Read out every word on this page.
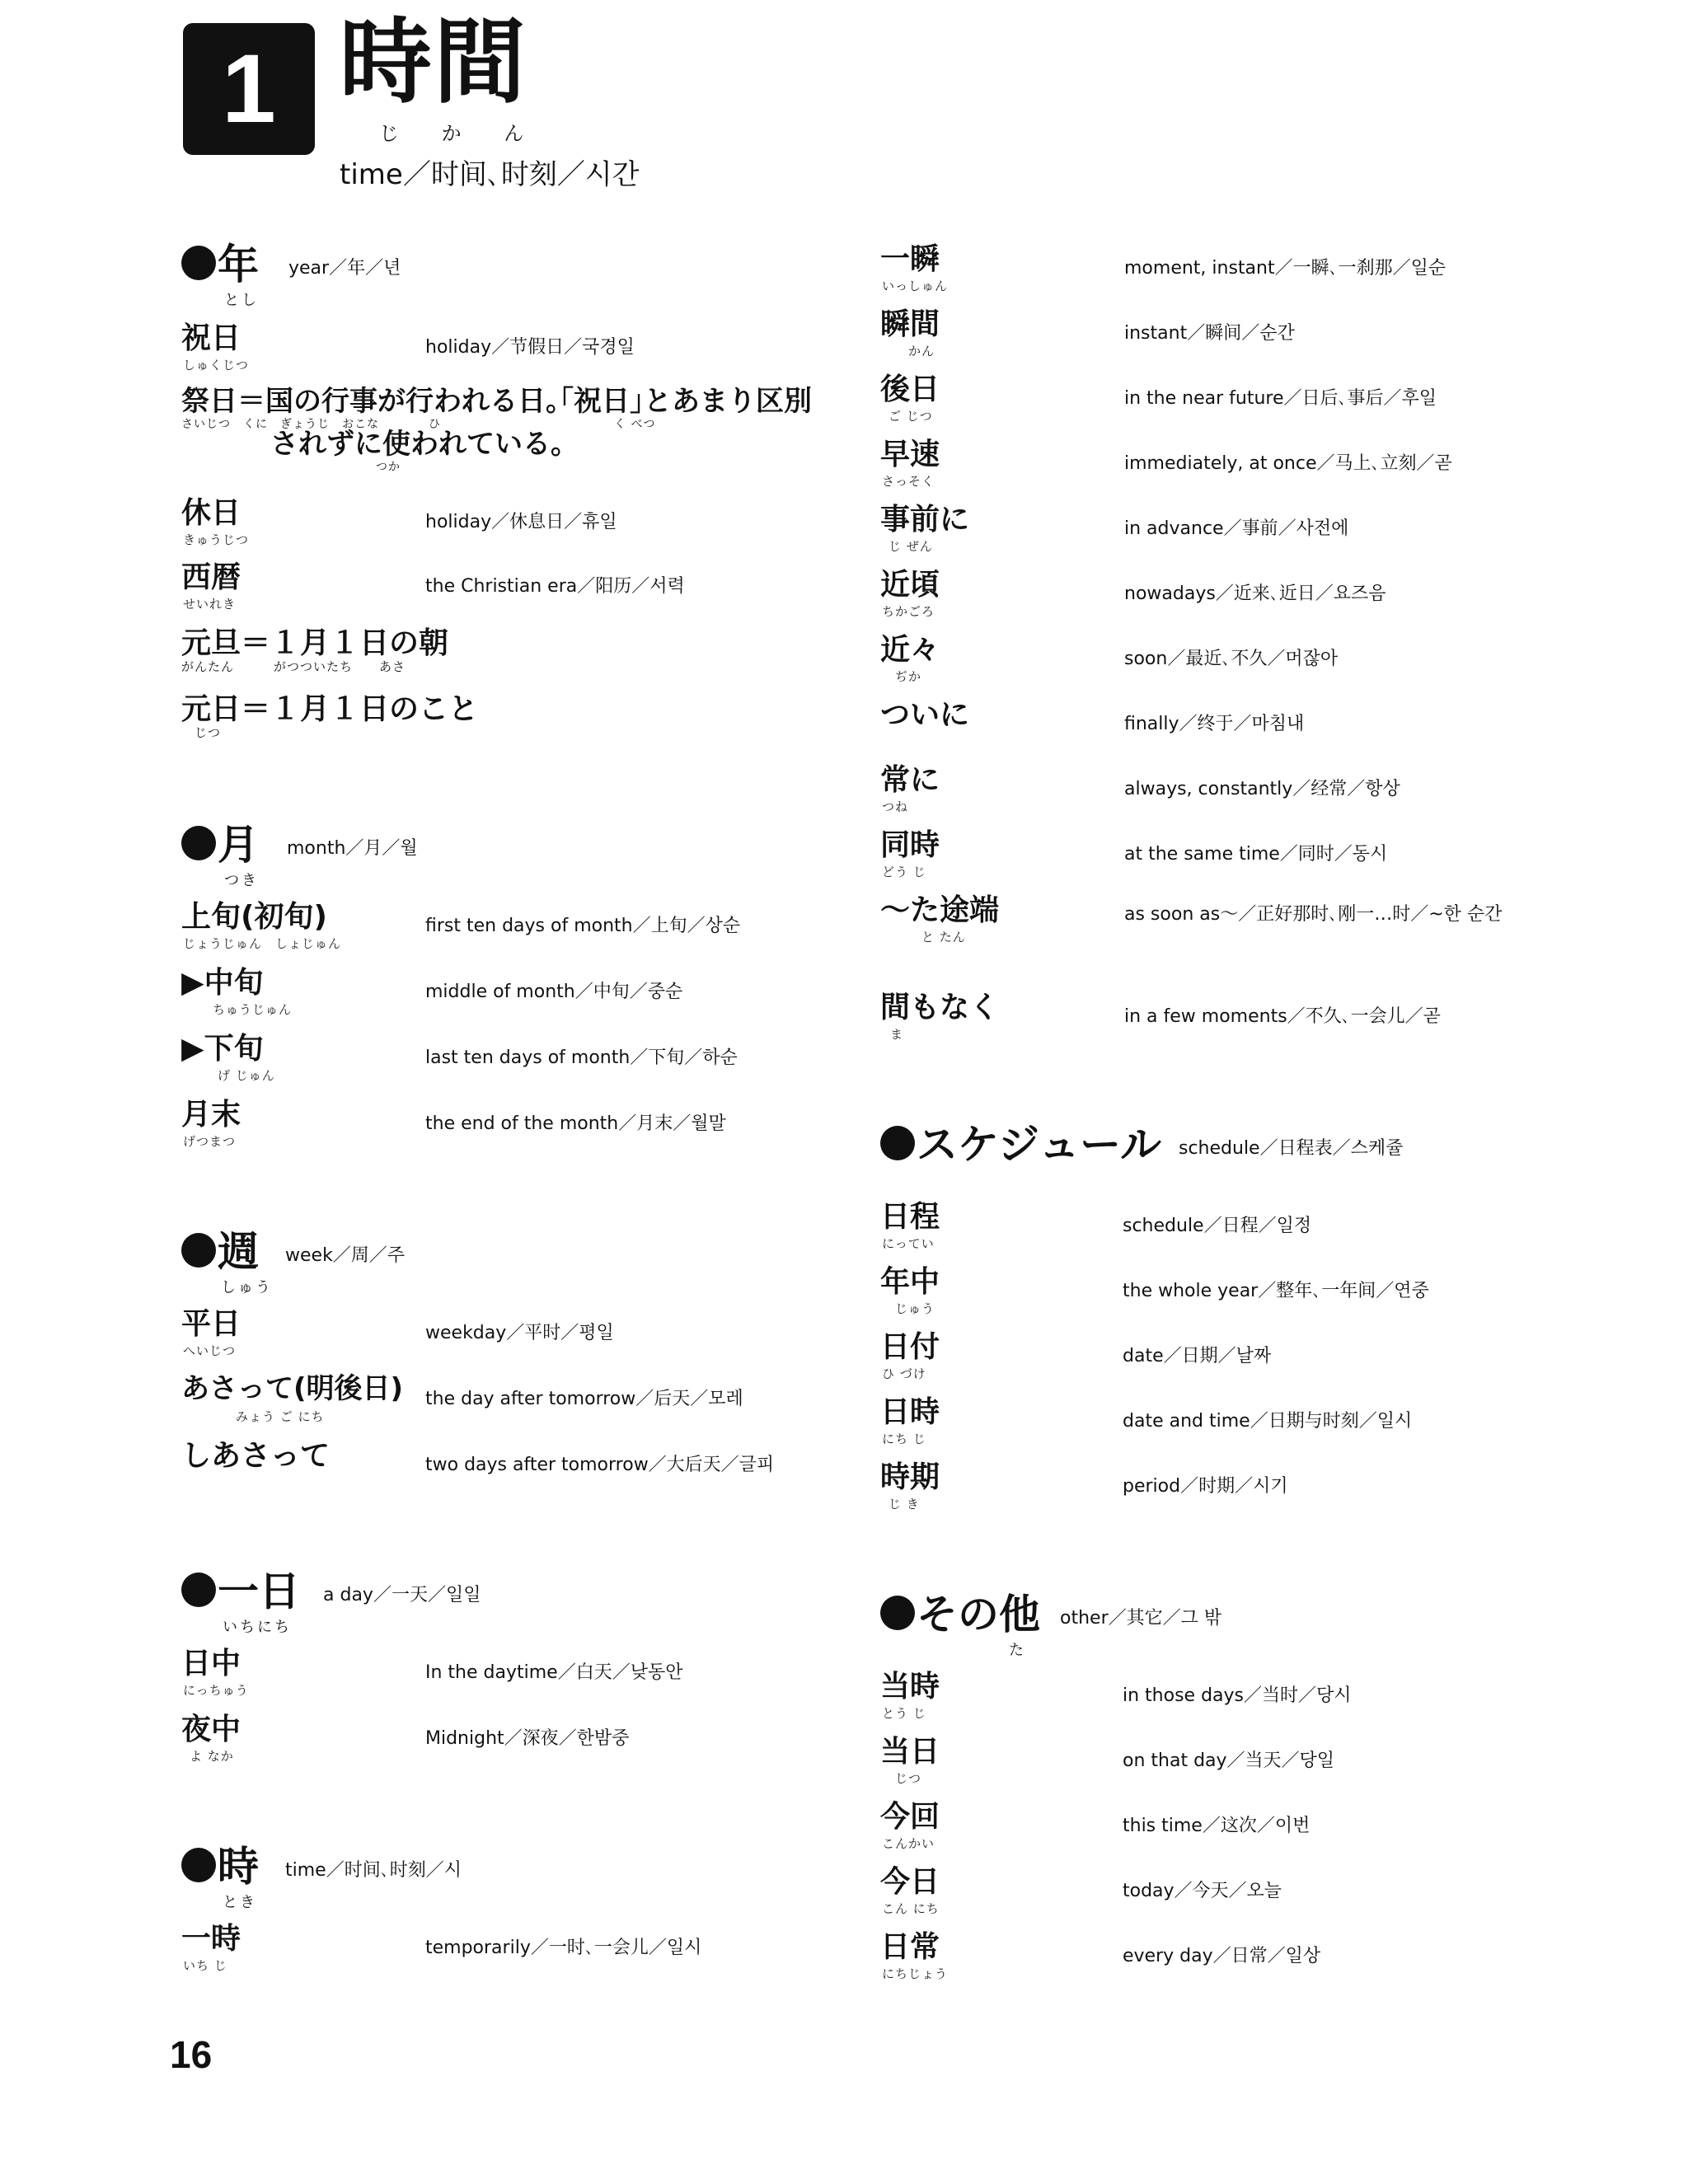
1 時間
じ か ん
time／时间､时刻／시간
年
とし
year／年／년
祝日
しゅくじつ
holiday／节假日／국경일
祭日＝国の行事が行われる日｡｢祝日｣とあまり区別
さいじつ　くに　ぎょうじ　おこな　　　　ひ　　　　　　　　　　　　　　く べつ
されずに使われている｡
つか
休日
きゅうじつ
holiday／休息日／휴일
西暦
せいれき
the Christian era／阳历／서력
元旦＝１月１日の朝
がんたん　　　がつついたち　　あさ
元日＝１月１日のこと
　じつ
月
つき
month／月／월
上旬(初旬)
じょうじゅん　しょじゅん
first ten days of month／上旬／상순
▶中旬
ちゅうじゅん
middle of month／中旬／중순
▶下旬
げ じゅん
last ten days of month／下旬／하순
月末
げつまつ
the end of the month／月末／월말
週
しゅう
week／周／주
平日
へいじつ
weekday／平时／평일
あさって(明後日)
　　　　みょう ご にち
the day after tomorrow／后天／모레
しあさって	two days after tomorrow／大后天／글피
一日
いちにち
a day／一天／일일
日中
にっちゅう
In the daytime／白天／낮동안
夜中
よ なか
Midnight／深夜／한밤중
時
とき
time／时间､时刻／시
一時
いち じ
temporarily／一时､一会儿／일시
一瞬
いっしゅん
moment, instant／一瞬､一刹那／일순
瞬間
　　かん
instant／瞬间／순간
後日
ご じつ
in the near future／日后､事后／후일
早速
さっそく
immediately, at once／马上､立刻／곧
事前に
じ ぜん
in advance／事前／사전에
近頃
ちかごろ
nowadays／近来､近日／요즈음
近々
　ぢか
soon／最近､不久／머잖아
ついに	finally／终于／마침내
常に
つね
always, constantly／经常／항상
同時
どう じ
at the same time／同时／동시
～た途端
　　　と たん
as soon as～／正好那时､刚一…时／~한 순간
間もなく
ま
in a few moments／不久､一会儿／곧
スケジュール schedule／日程表／스케쥴
日程
にってい
schedule／日程／일정
年中
　じゅう
the whole year／整年､一年间／연중
日付
ひ づけ
date／日期／날짜
日時
にち じ
date and time／日期与时刻／일시
時期
じ き
period／时期／시기
その他
た
other／其它／그 밖
当時
とう じ
in those days／当时／당시
当日
　じつ
on that day／当天／당일
今回
こんかい
this time／这次／이번
今日
こん にち
today／今天／오늘
日常
にちじょう
every day／日常／일상
16
